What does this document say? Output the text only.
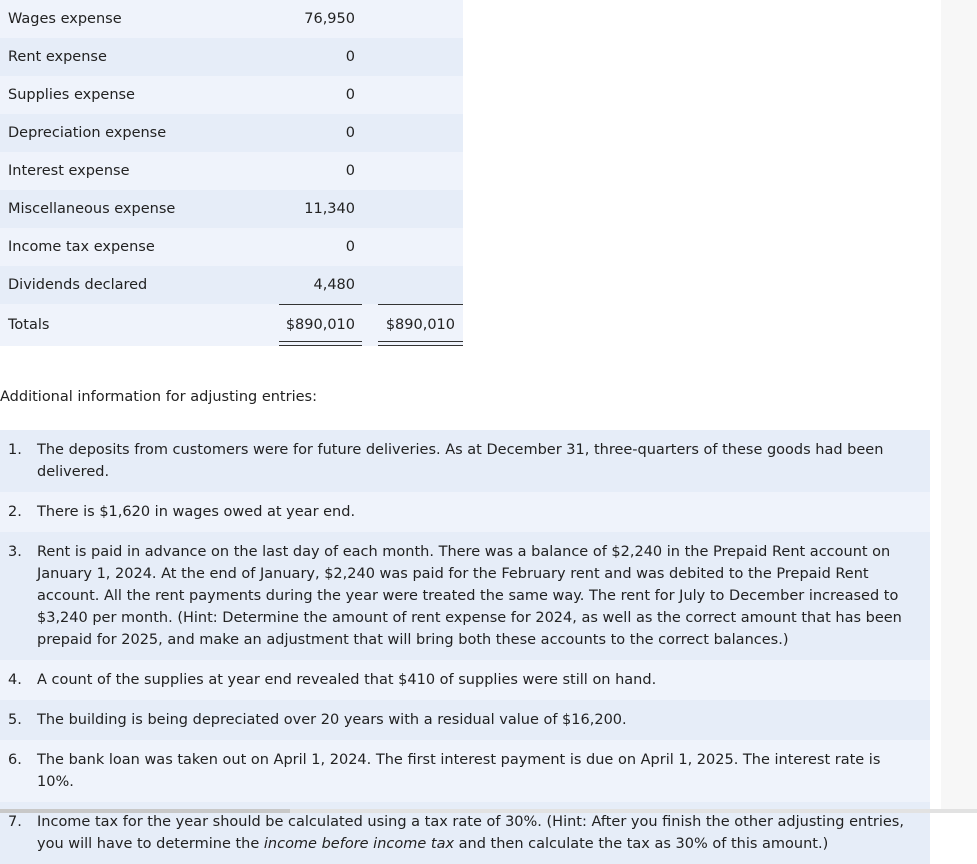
Wages expense	76,950
Rent expense	0
Supplies expense	0
Depreciation expense	0
Interest expense	0
Miscellaneous expense	11,340
Income tax expense	0
Dividends declared	4,480
Totals	$890,010	$890,010
Additional information for adjusting entries:
1. The deposits from customers were for future deliveries. As at December 31, three-quarters of these goods had been delivered.
2. There is $1,620 in wages owed at year end.
3. Rent is paid in advance on the last day of each month. There was a balance of $2,240 in the Prepaid Rent account on January 1, 2024. At the end of January, $2,240 was paid for the February rent and was debited to the Prepaid Rent account. All the rent payments during the year were treated the same way. The rent for July to December increased to $3,240 per month. (Hint: Determine the amount of rent expense for 2024, as well as the correct amount that has been prepaid for 2025, and make an adjustment that will bring both these accounts to the correct balances.)
4. A count of the supplies at year end revealed that $410 of supplies were still on hand.
5. The building is being depreciated over 20 years with a residual value of $16,200.
6. The bank loan was taken out on April 1, 2024. The first interest payment is due on April 1, 2025. The interest rate is 10%.
7. Income tax for the year should be calculated using a tax rate of 30%. (Hint: After you finish the other adjusting entries, you will have to determine the income before income tax and then calculate the tax as 30% of this amount.)
